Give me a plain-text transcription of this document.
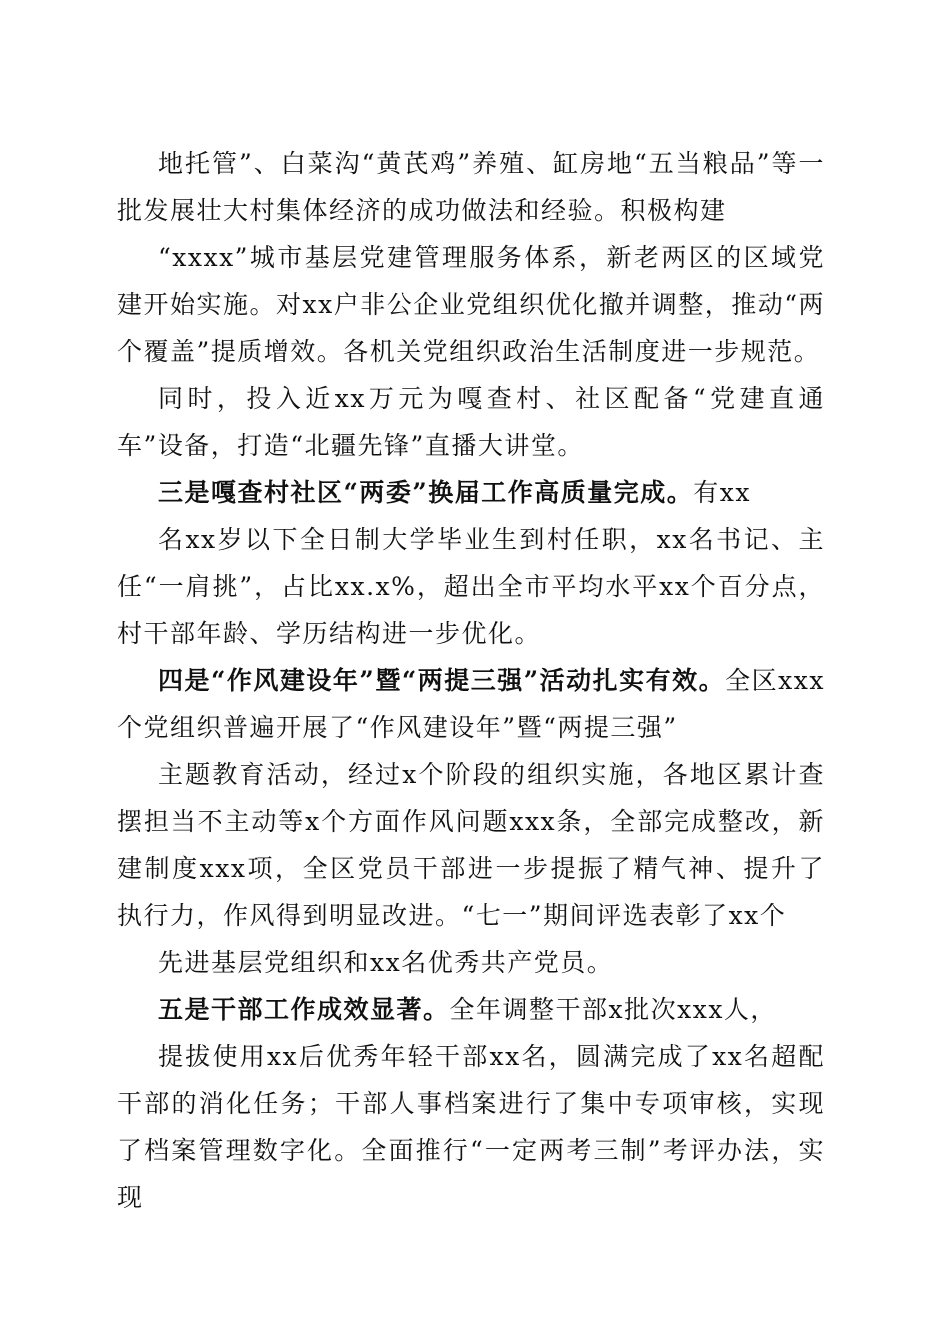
地托管”、白菜沟“黄芪鸡”养殖、缸房地“五当粮品”等一批发展壮大村集体经济的成功做法和经验。积极构建

“xxxx”城市基层党建管理服务体系，新老两区的区域党建开始实施。对xx户非公企业党组织优化撤并调整，推动“两个覆盖”提质增效。各机关党组织政治生活制度进一步规范。

同时，投入近xx万元为嘎查村、社区配备“党建直通车”设备，打造“北疆先锋”直播大讲堂。

三是嘎查村社区“两委”换届工作高质量完成。有xx

名xx岁以下全日制大学毕业生到村任职，xx名书记、主任“一肩挑”，占比xx.x%，超出全市平均水平xx个百分点，村干部年龄、学历结构进一步优化。

四是“作风建设年”暨“两提三强”活动扎实有效。全区xxx个党组织普遍开展了“作风建设年”暨“两提三强”

主题教育活动，经过x个阶段的组织实施，各地区累计查摆担当不主动等x个方面作风问题xxx条，全部完成整改，新建制度xxx项，全区党员干部进一步提振了精气神、提升了执行力，作风得到明显改进。“七一”期间评选表彰了xx个

先进基层党组织和xx名优秀共产党员。

五是干部工作成效显著。全年调整干部x批次xxx人，

提拔使用xx后优秀年轻干部xx名，圆满完成了xx名超配干部的消化任务；干部人事档案进行了集中专项审核，实现了档案管理数字化。全面推行“一定两考三制”考评办法，实现
